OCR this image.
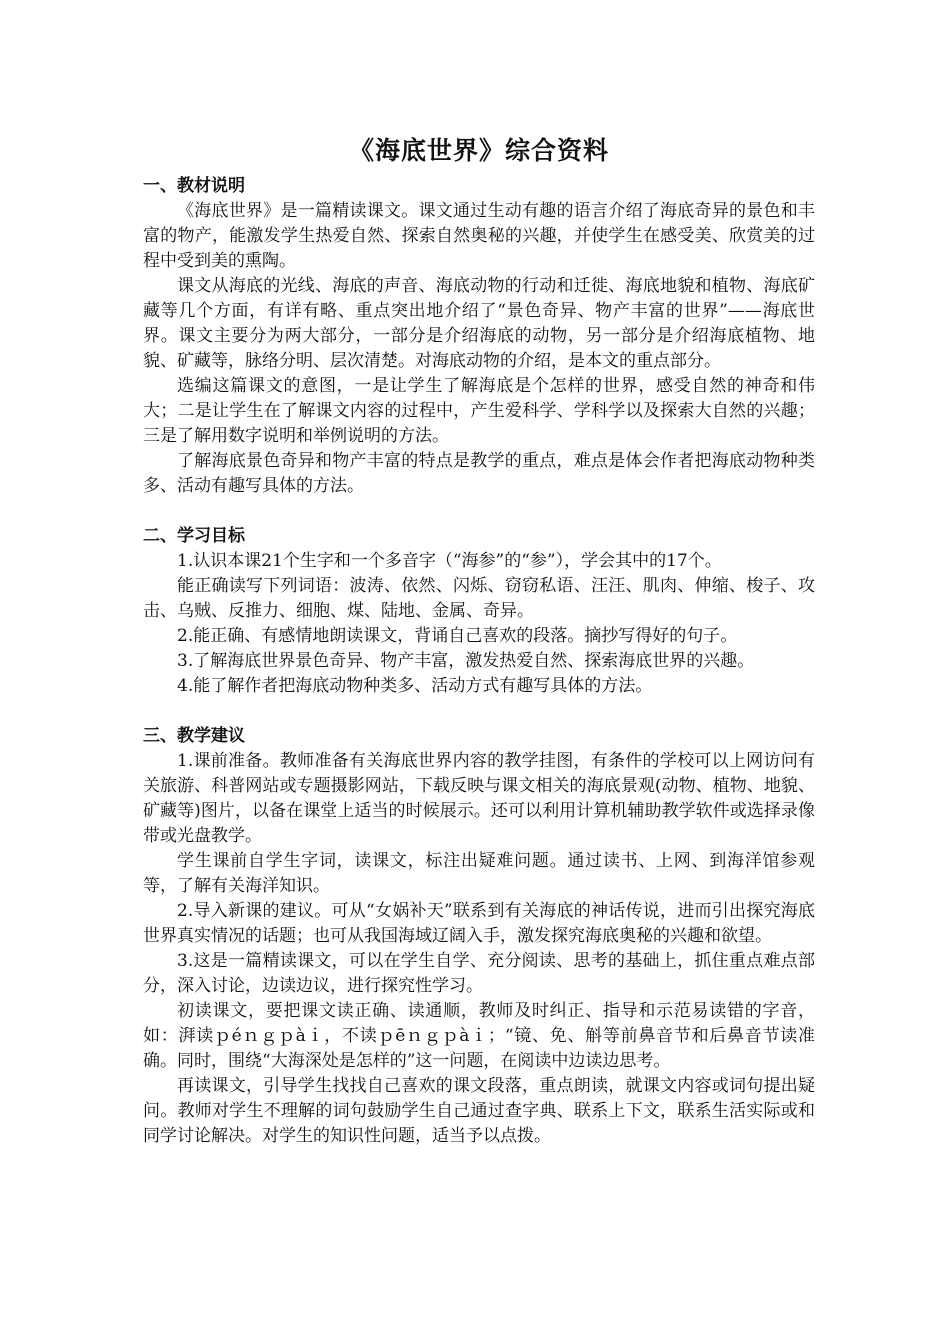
《海底世界》综合资料

一、教材说明

《海底世界》是一篇精读课文。课文通过生动有趣的语言介绍了海底奇异的景色和丰富的物产，能激发学生热爱自然、探索自然奥秘的兴趣，并使学生在感受美、欣赏美的过程中受到美的熏陶。

课文从海底的光线、海底的声音、海底动物的行动和迁徙、海底地貌和植物、海底矿藏等几个方面，有详有略、重点突出地介绍了“景色奇异、物产丰富的世界”——海底世界。课文主要分为两大部分，一部分是介绍海底的动物，另一部分是介绍海底植物、地貌、矿藏等，脉络分明、层次清楚。对海底动物的介绍，是本文的重点部分。

选编这篇课文的意图，一是让学生了解海底是个怎样的世界，感受自然的神奇和伟大；二是让学生在了解课文内容的过程中，产生爱科学、学科学以及探索大自然的兴趣；三是了解用数字说明和举例说明的方法。

了解海底景色奇异和物产丰富的特点是教学的重点，难点是体会作者把海底动物种类多、活动有趣写具体的方法。

二、学习目标

1.认识本课21个生字和一个多音字（“海参”的“参”），学会其中的17个。

能正确读写下列词语：波涛、依然、闪烁、窃窃私语、汪汪、肌肉、伸缩、梭子、攻击、乌贼、反推力、细胞、煤、陆地、金属、奇异。

2.能正确、有感情地朗读课文，背诵自己喜欢的段落。摘抄写得好的句子。

3.了解海底世界景色奇异、物产丰富，激发热爱自然、探索海底世界的兴趣。

4.能了解作者把海底动物种类多、活动方式有趣写具体的方法。

三、教学建议

1.课前准备。教师准备有关海底世界内容的教学挂图，有条件的学校可以上网访问有关旅游、科普网站或专题摄影网站，下载反映与课文相关的海底景观(动物、植物、地貌、矿藏等)图片，以备在课堂上适当的时候展示。还可以利用计算机辅助教学软件或选择录像带或光盘教学。

学生课前自学生字词，读课文，标注出疑难问题。通过读书、上网、到海洋馆参观等，了解有关海洋知识。

2.导入新课的建议。可从“女娲补天”联系到有关海底的神话传说，进而引出探究海底世界真实情况的话题；也可从我国海域辽阔入手，激发探究海底奥秘的兴趣和欲望。

3.这是一篇精读课文，可以在学生自学、充分阅读、思考的基础上，抓住重点难点部分，深入讨论，边读边议，进行探究性学习。

初读课文，要把课文读正确、读通顺，教师及时纠正、指导和示范易读错的字音，如：湃读ｐéｎｇｐàｉ，不读ｐēｎｇｐàｉ；“镜、免、斛等前鼻音节和后鼻音节读准确。同时，围绕“大海深处是怎样的”这一问题，在阅读中边读边思考。

再读课文，引导学生找找自己喜欢的课文段落，重点朗读，就课文内容或词句提出疑问。教师对学生不理解的词句鼓励学生自己通过查字典、联系上下文，联系生活实际或和同学讨论解决。对学生的知识性问题，适当予以点拨。
